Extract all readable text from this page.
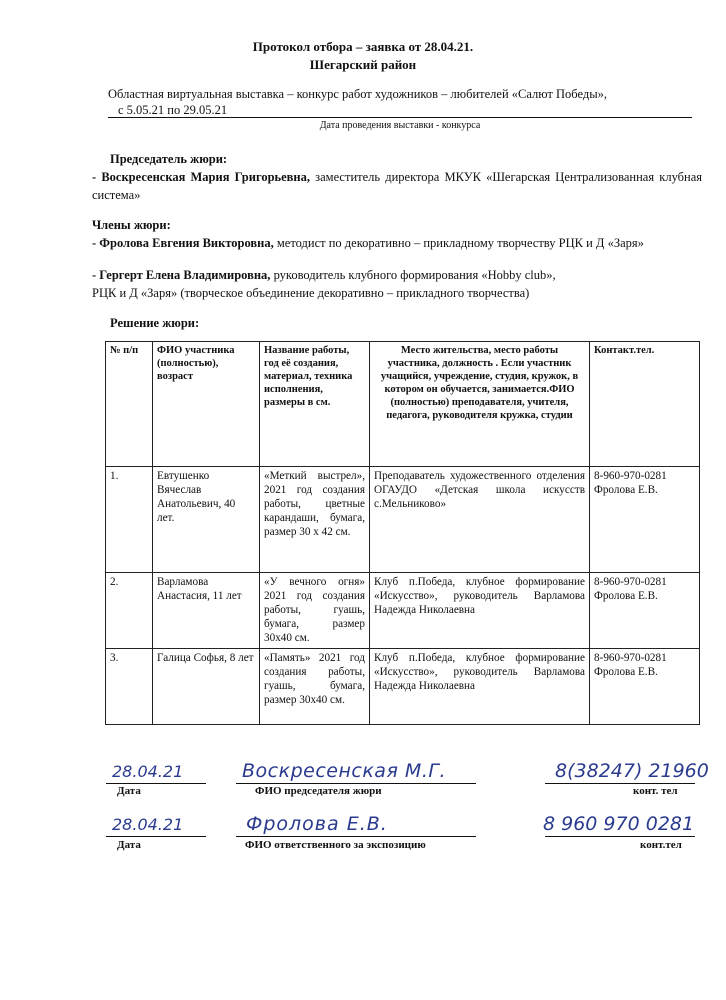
Протокол отбора – заявка от 28.04.21.
Шегарский район
Областная виртуальная выставка – конкурс работ художников – любителей «Салют Победы»,
с 5.05.21 по 29.05.21
Дата проведения выставки - конкурса
Председатель жюри:

- Воскресенская Мария Григорьевна, заместитель директора МКУК «Шегарская Централизованная клубная система»

Члены жюри:

- Фролова Евгения Викторовна, методист по декоративно – прикладному творчеству РЦК и Д «Заря»

- Гергерт Елена Владимировна, руководитель клубного формирования «Hobby club»,

РЦК и Д «Заря» (творческое объединение декоративно – прикладного творчества)

Решение жюри:
№ п/п	ФИО участника (полностью), возраст	Название работы, год её создания, материал, техника исполнения, размеры в см.	Место жительства, место работы участника, должность . Если участник учащийся, учреждение, студия, кружок, в котором он обучается, занимается.ФИО (полностью) преподавателя, учителя, педагога, руководителя кружка, студии	Контакт.тел.
1.	Евтушенко Вячеслав Анатольевич, 40 лет.	«Меткий выстрел», 2021 год создания работы, цветные карандаши, бумага, размер 30 х 42 см.	Преподаватель художественного отделения ОГАУДО «Детская школа искусств с.Мельниково»	8-960-970-0281
Фролова Е.В.

2.	Варламова Анастасия, 11 лет	«У вечного огня» 2021 год создания работы, гуашь, бумага, размер 30х40 см.	Клуб п.Победа, клубное формирование «Искусство», руководитель Варламова Надежда Николаевна	8-960-970-0281
Фролова Е.В.

3.	Галица Софья, 8 лет	«Память» 2021 год создания работы, гуашь, бумага, размер 30х40 см.	Клуб п.Победа, клубное формирование «Искусство», руководитель Варламова Надежда Николаевна	8-960-970-0281
Фролова Е.В.
28.04.21	Воскресенская М.Г.	8(38247) 21960
Дата	ФИО председателя жюри	конт. тел
28.04.21	Фролова Е.В.	8 960 970 0281
Дата	ФИО ответственного за экспозицию	конт.тел
